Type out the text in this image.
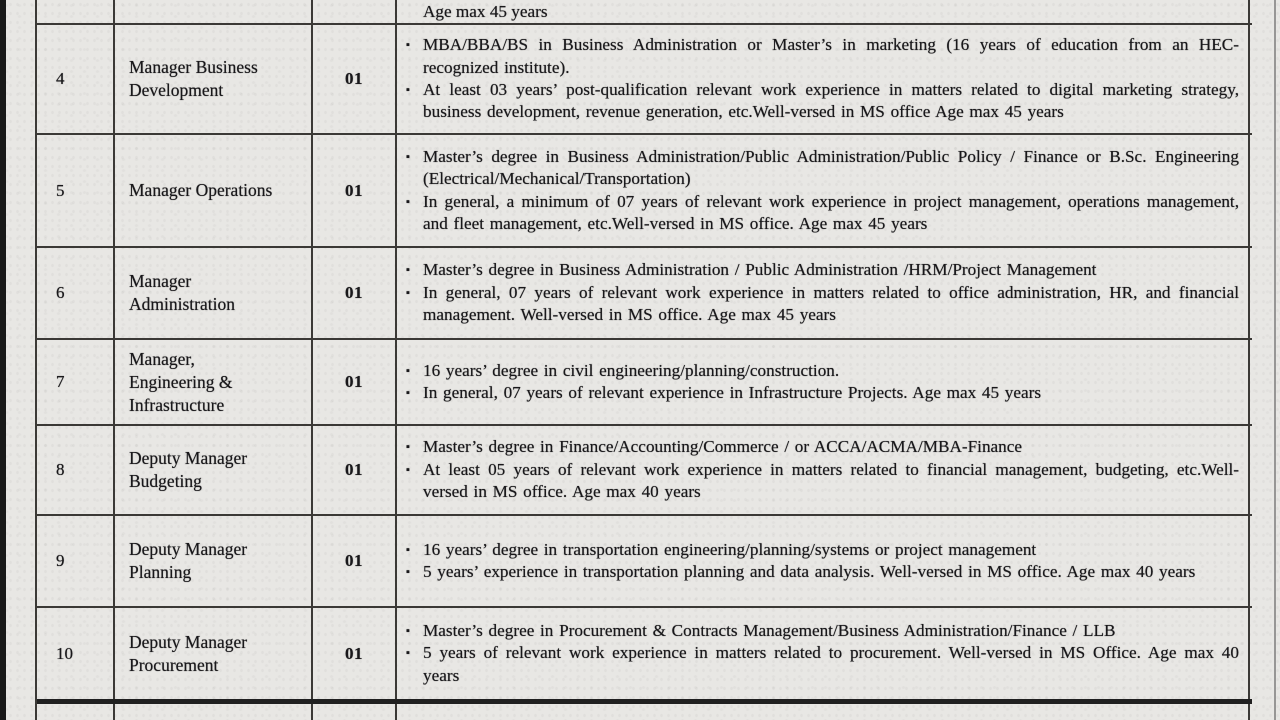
Age max 45 years
4
Manager Business Development
01
▪ MBA/BBA/BS in Business Administration or Master’s in marketing (16 years of education from an HEC-recognized institute).
▪ At least 03 years’ post-qualification relevant work experience in matters related to digital marketing strategy, business development, revenue generation, etc.Well-versed in MS office Age max 45 years
5	Manager Operations	01
▪ Master’s degree in Business Administration/Public Administration/Public Policy / Finance or B.Sc. Engineering (Electrical/Mechanical/Transportation)
▪ In general, a minimum of 07 years of relevant work experience in project management, operations management, and fleet management, etc.Well-versed in MS office. Age max 45 years
6
Manager Administration
01
▪ Master’s degree in Business Administration / Public Administration /HRM/Project Management
▪ In general, 07 years of relevant work experience in matters related to office administration, HR, and financial management. Well-versed in MS office. Age max 45 years
7
Manager, Engineering & Infrastructure
01
▪ 16 years’ degree in civil engineering/planning/construction.
▪ In general, 07 years of relevant experience in Infrastructure Projects. Age max 45 years
8
Deputy Manager Budgeting
01
▪ Master’s degree in Finance/Accounting/Commerce / or ACCA/ACMA/MBA-Finance
▪ At least 05 years of relevant work experience in matters related to financial management, budgeting, etc.Well-versed in MS office. Age max 40 years
9
Deputy Manager Planning
01
▪ 16 years’ degree in transportation engineering/planning/systems or project management
▪ 5 years’ experience in transportation planning and data analysis. Well-versed in MS office. Age max 40 years
10
Deputy Manager Procurement
01
▪ Master’s degree in Procurement & Contracts Management/Business Administration/Finance / LLB
▪ 5 years of relevant work experience in matters related to procurement. Well-versed in MS Office. Age max 40 years
